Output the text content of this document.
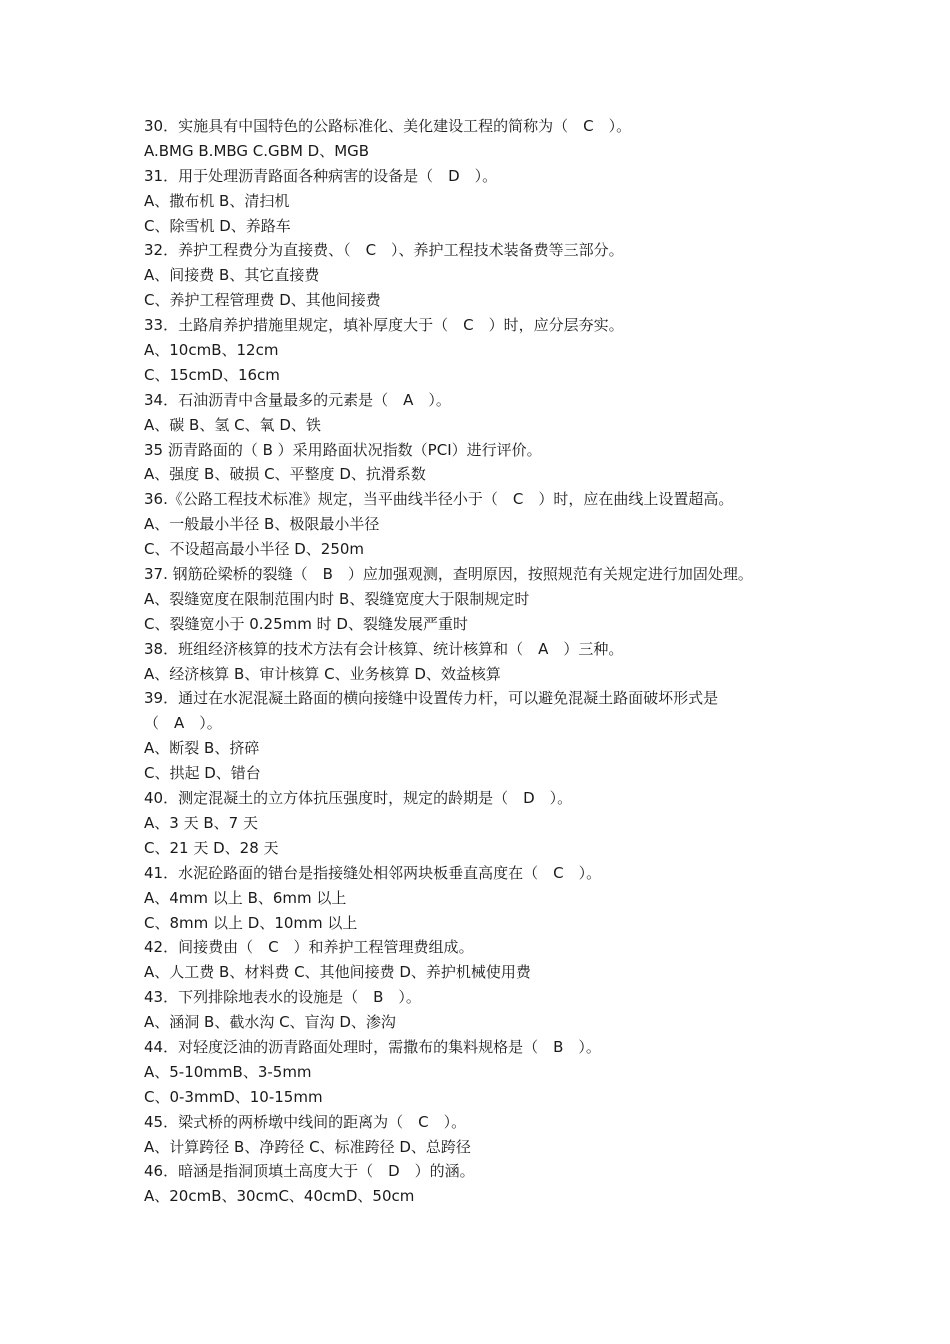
30．实施具有中国特色的公路标准化、美化建设工程的简称为（　C　）。
A.BMG B.MBG C.GBM D、MGB
31．用于处理沥青路面各种病害的设备是（　D　）。
A、撒布机 B、清扫机
C、除雪机 D、养路车
32．养护工程费分为直接费、（　C　）、养护工程技术装备费等三部分。
A、间接费 B、其它直接费
C、养护工程管理费 D、其他间接费
33．土路肩养护措施里规定，填补厚度大于（　C　）时，应分层夯实。
A、10cmB、12cm
C、15cmD、16cm
34．石油沥青中含量最多的元素是（　A　）。
A、碳 B、氢 C、氧 D、铁
35 沥青路面的（ B ）采用路面状况指数（PCI）进行评价。
A、强度 B、破损 C、平整度 D、抗滑系数
36.《公路工程技术标准》规定，当平曲线半径小于（　C　）时，应在曲线上设置超高。
A、一般最小半径 B、极限最小半径
C、不设超高最小半径 D、250m
37. 钢筋砼梁桥的裂缝（　B　）应加强观测，查明原因，按照规范有关规定进行加固处理。
A、裂缝宽度在限制范围内时 B、裂缝宽度大于限制规定时
C、裂缝宽小于 0.25mm 时 D、裂缝发展严重时
38．班组经济核算的技术方法有会计核算、统计核算和（　A　）三种。
A、经济核算 B、审计核算 C、业务核算 D、效益核算
39．通过在水泥混凝土路面的横向接缝中设置传力杆，可以避免混凝土路面破坏形式是
（　A　）。
A、断裂 B、挤碎
C、拱起 D、错台
40．测定混凝土的立方体抗压强度时，规定的龄期是（　D　）。
A、3 天 B、7 天
C、21 天 D、28 天
41．水泥砼路面的错台是指接缝处相邻两块板垂直高度在（　C　）。
A、4mm 以上 B、6mm 以上
C、8mm 以上 D、10mm 以上
42．间接费由（　C　）和养护工程管理费组成。
A、人工费 B、材料费 C、其他间接费 D、养护机械使用费
43．下列排除地表水的设施是（　B　）。
A、涵洞 B、截水沟 C、盲沟 D、渗沟
44．对轻度泛油的沥青路面处理时，需撒布的集料规格是（　B　）。
A、5-10mmB、3-5mm
C、0-3mmD、10-15mm
45．梁式桥的两桥墩中线间的距离为（　C　）。
A、计算跨径 B、净跨径 C、标准跨径 D、总跨径
46．暗涵是指洞顶填土高度大于（　D　）的涵。
A、20cmB、30cmC、40cmD、50cm
